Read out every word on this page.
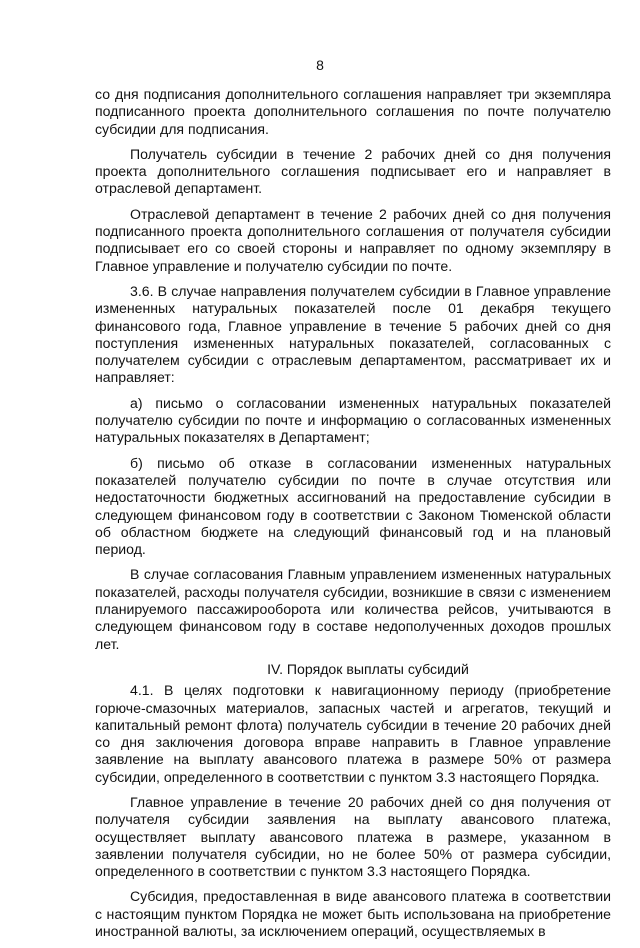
8

со дня подписания дополнительного соглашения направляет три экземпляра подписанного проекта дополнительного соглашения по почте получателю субсидии для подписания.

Получатель субсидии в течение 2 рабочих дней со дня получения проекта дополнительного соглашения подписывает его и направляет в отраслевой департамент.

Отраслевой департамент в течение 2 рабочих дней со дня получения подписанного проекта дополнительного соглашения от получателя субсидии подписывает его со своей стороны и направляет по одному экземпляру в Главное управление и получателю субсидии по почте.

3.6. В случае направления получателем субсидии в Главное управление измененных натуральных показателей после 01 декабря текущего финансового года, Главное управление в течение 5 рабочих дней со дня поступления измененных натуральных показателей, согласованных с получателем субсидии с отраслевым департаментом, рассматривает их и направляет:

а) письмо о согласовании измененных натуральных показателей получателю субсидии по почте и информацию о согласованных измененных натуральных показателях в Департамент;

б) письмо об отказе в согласовании измененных натуральных показателей получателю субсидии по почте в случае отсутствия или недостаточности бюджетных ассигнований на предоставление субсидии в следующем финансовом году в соответствии с Законом Тюменской области об областном бюджете на следующий финансовый год и на плановый период.

В случае согласования Главным управлением измененных натуральных показателей, расходы получателя субсидии, возникшие в связи с изменением планируемого пассажирооборота или количества рейсов, учитываются в следующем финансовом году в составе недополученных доходов прошлых лет.

IV. Порядок выплаты субсидий

4.1. В целях подготовки к навигационному периоду (приобретение горюче-смазочных материалов, запасных частей и агрегатов, текущий и капитальный ремонт флота) получатель субсидии в течение 20 рабочих дней со дня заключения договора вправе направить в Главное управление заявление на выплату авансового платежа в размере 50% от размера субсидии, определенного в соответствии с пунктом 3.3 настоящего Порядка.

Главное управление в течение 20 рабочих дней со дня получения от получателя субсидии заявления на выплату авансового платежа, осуществляет выплату авансового платежа в размере, указанном в заявлении получателя субсидии, но не более 50% от размера субсидии, определенного в соответствии с пунктом 3.3 настоящего Порядка.

Субсидия, предоставленная в виде авансового платежа в соответствии с настоящим пунктом Порядка не может быть использована на приобретение иностранной валюты, за исключением операций, осуществляемых в
